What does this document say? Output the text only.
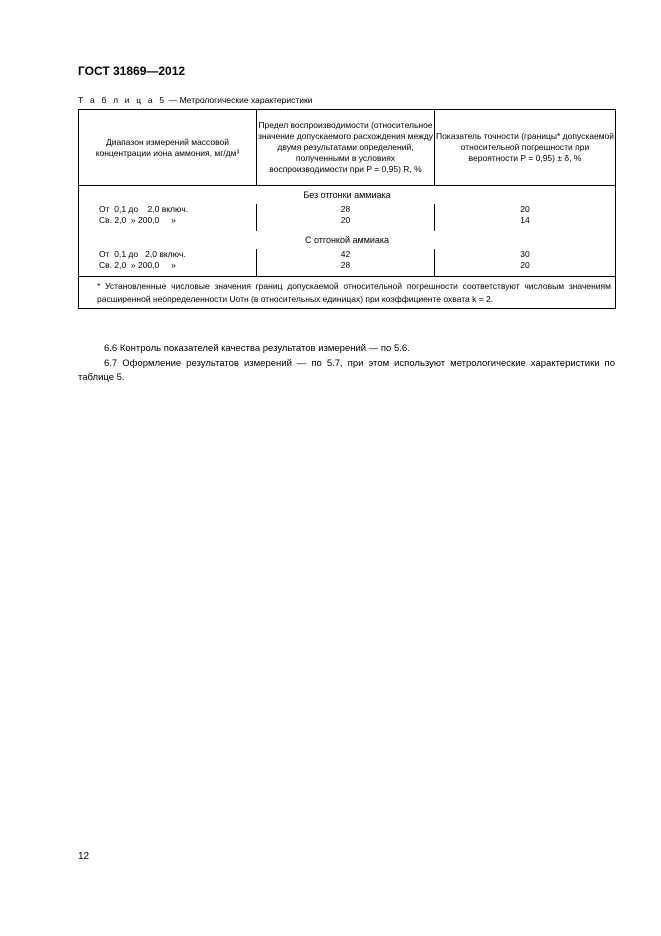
ГОСТ 31869—2012
Т а б л и ц а 5 — Метрологические характеристики
Диапазон измерений массовой концентрации иона аммония, мг/дм³	Предел воспроизводимости (относительное значение допускаемого расхождения между двумя результатами определений, полученными в условиях воспроизводимости при P = 0,95) R, %	Показатель точности (границы* допускаемой относительной погрешности при вероятности P = 0,95) ± δ, %
Без отгонки аммиака		
От  0,1 до    2,0 включ.	28	20
Св. 2,0  » 200,0     »	20	14

С отгонкой аммиака		
От  0,1 до   2,0 включ.	42	30
Св. 2,0  » 200,0     »	28	20

* Установленные числовые значения границ допускаемой относительной погрешности соответствуют числовым значениям расширенной неопределенности Uотн (в относительных единицах) при коэффициенте охвата k = 2.		
6.6 Контроль показателей качества результатов измерений — по 5.6.
6.7 Оформление результатов измерений — по 5.7, при этом используют метрологические характеристики по таблице 5.
12
